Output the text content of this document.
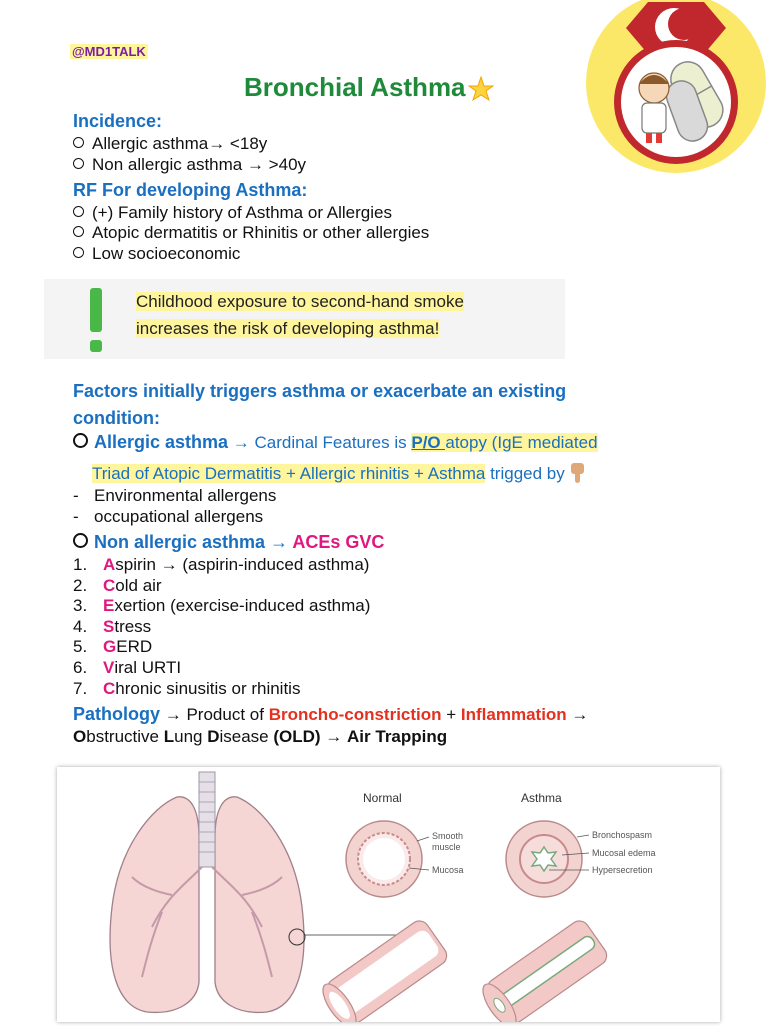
@MD1TALK
Bronchial Asthma
Incidence:
Allergic asthma→ <18y
Non allergic asthma → >40y
RF For developing Asthma:
(+) Family history of Asthma or Allergies
Atopic dermatitis or Rhinitis or other allergies
Low socioeconomic
Childhood exposure to second-hand smoke
increases the risk of developing asthma!
Factors initially triggers asthma or exacerbate an existing
condition:
Allergic asthma → Cardinal Features is P/O atopy (IgE mediated
Triad of Atopic Dermatitis + Allergic rhinitis + Asthma trigged by
- Environmental allergens
- occupational allergens
Non allergic asthma → ACEs GVC
1. Aspirin → (aspirin-induced asthma)
2. Cold air
3. Exertion (exercise-induced asthma)
4. Stress
5. GERD
6. Viral URTI
7. Chronic sinusitis or rhinitis
Pathology → Product of Broncho-constriction + Inflammation →
Obstructive Lung Disease (OLD) → Air Trapping
Normal	Asthma
Smooth
muscle
Mucosa
Bronchospasm
Mucosal edema
Hypersecretion
